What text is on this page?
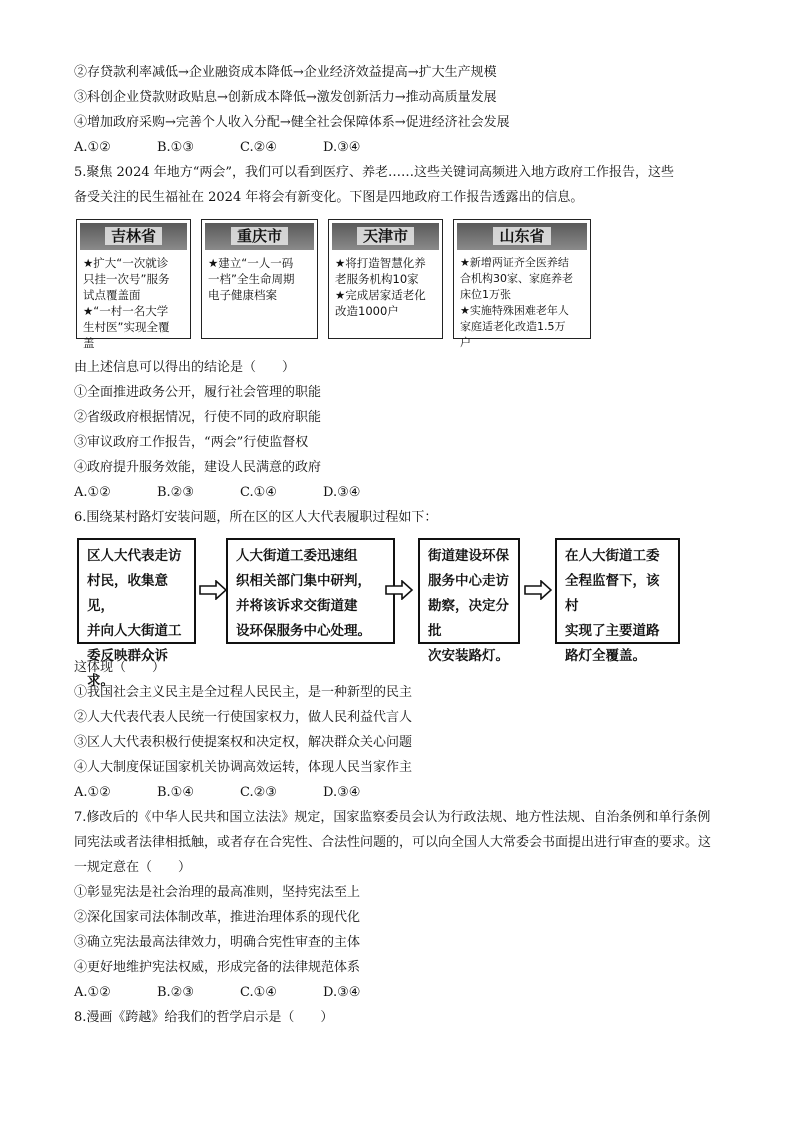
②存贷款利率减低→企业融资成本降低→企业经济效益提高→扩大生产规模
③科创企业贷款财政贴息→创新成本降低→激发创新活力→推动高质量发展
④增加政府采购→完善个人收入分配→健全社会保障体系→促进经济社会发展
A.①②	B.①③	C.②④	D.③④
5.聚焦 2024 年地方“两会”，我们可以看到医疗、养老……这些关键词高频进入地方政府工作报告，这些
备受关注的民生福祉在 2024 年将会有新变化。下图是四地政府工作报告透露出的信息。
吉林省
★扩大“一次就诊
只挂一次号”服务
试点覆盖面
★“一村一名大学
生村医”实现全覆
盖
重庆市
★建立“一人一码
一档”全生命周期
电子健康档案
天津市
★将打造智慧化养
老服务机构10家
★完成居家适老化
改造1000户
山东省
★新增两证齐全医养结
合机构30家、家庭养老
床位1万张
★实施特殊困难老年人
家庭适老化改造1.5万
户
由上述信息可以得出的结论是（　　）
①全面推进政务公开，履行社会管理的职能
②省级政府根据情况，行使不同的政府职能
③审议政府工作报告，“两会”行使监督权
④政府提升服务效能，建设人民满意的政府
A.①②	B.②③	C.①④	D.③④
6.围绕某村路灯安装问题，所在区的区人大代表履职过程如下：
区人大代表走访
村民，收集意见，
并向人大街道工
委反映群众诉求。
人大街道工委迅速组
织相关部门集中研判，
并将该诉求交街道建
设环保服务中心处理。
街道建设环保
服务中心走访
勘察，决定分批
次安装路灯。
在人大街道工委
全程监督下，该村
实现了主要道路
路灯全覆盖。
这体现（　　）
①我国社会主义民主是全过程人民民主，是一种新型的民主
②人大代表代表人民统一行使国家权力，做人民利益代言人
③区人大代表积极行使提案权和决定权，解决群众关心问题
④人大制度保证国家机关协调高效运转，体现人民当家作主
A.①②	B.①④	C.②③	D.③④
7.修改后的《中华人民共和国立法法》规定，国家监察委员会认为行政法规、地方性法规、自治条例和单行条例同宪法或者法律相抵触，或者存在合宪性、合法性问题的，可以向全国人大常委会书面提出进行审查的要求。这一规定意在（　　）
①彰显宪法是社会治理的最高准则，坚持宪法至上
②深化国家司法体制改革，推进治理体系的现代化
③确立宪法最高法律效力，明确合宪性审查的主体
④更好地维护宪法权威，形成完备的法律规范体系
A.①②	B.②③	C.①④	D.③④
8.漫画《跨越》给我们的哲学启示是（　　）
